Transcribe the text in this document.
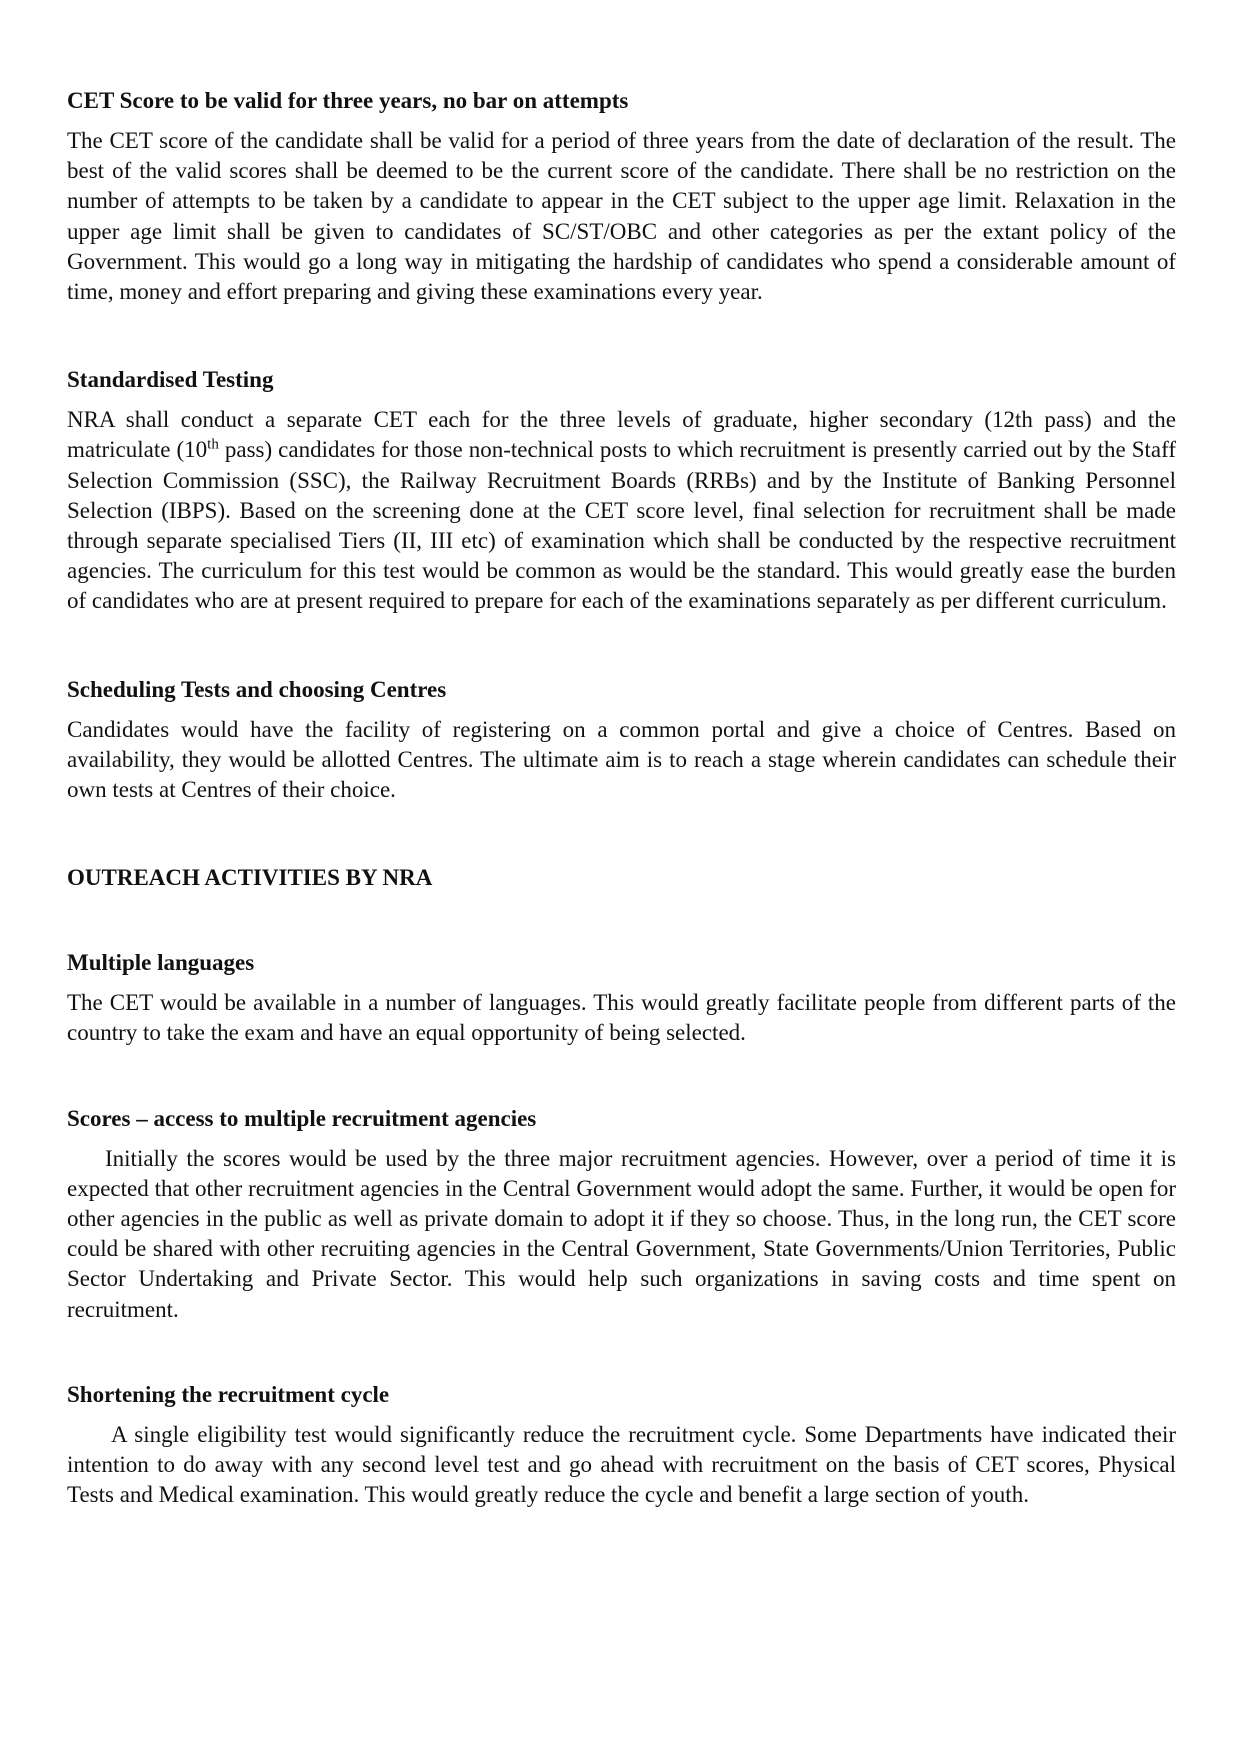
CET Score to be valid for three years, no bar on attempts

The CET score of the candidate shall be valid for a period of three years from the date of declaration of the result. The best of the valid scores shall be deemed to be the current score of the candidate. There shall be no restriction on the number of attempts to be taken by a candidate to appear in the CET subject to the upper age limit. Relaxation in the upper age limit shall be given to candidates of SC/ST/OBC and other categories as per the extant policy of the Government. This would go a long way in mitigating the hardship of candidates who spend a considerable amount of time, money and effort preparing and giving these examinations every year.

Standardised Testing

NRA shall conduct a separate CET each for the three levels of graduate, higher secondary (12th pass) and the matriculate (10th pass) candidates for those non-technical posts to which recruitment is presently carried out by the Staff Selection Commission (SSC), the Railway Recruitment Boards (RRBs) and by the Institute of Banking Personnel Selection (IBPS). Based on the screening done at the CET score level, final selection for recruitment shall be made through separate specialised Tiers (II, III etc) of examination which shall be conducted by the respective recruitment agencies. The curriculum for this test would be common as would be the standard. This would greatly ease the burden of candidates who are at present required to prepare for each of the examinations separately as per different curriculum.

Scheduling Tests and choosing Centres

Candidates would have the facility of registering on a common portal and give a choice of Centres. Based on availability, they would be allotted Centres. The ultimate aim is to reach a stage wherein candidates can schedule their own tests at Centres of their choice.

OUTREACH ACTIVITIES BY NRA

Multiple languages

The CET would be available in a number of languages. This would greatly facilitate people from different parts of the country to take the exam and have an equal opportunity of being selected.

Scores – access to multiple recruitment agencies

Initially the scores would be used by the three major recruitment agencies. However, over a period of time it is expected that other recruitment agencies in the Central Government would adopt the same. Further, it would be open for other agencies in the public as well as private domain to adopt it if they so choose. Thus, in the long run, the CET score could be shared with other recruiting agencies in the Central Government, State Governments/Union Territories, Public Sector Undertaking and Private Sector. This would help such organizations in saving costs and time spent on recruitment.

Shortening the recruitment cycle

A single eligibility test would significantly reduce the recruitment cycle. Some Departments have indicated their intention to do away with any second level test and go ahead with recruitment on the basis of CET scores, Physical Tests and Medical examination. This would greatly reduce the cycle and benefit a large section of youth.
